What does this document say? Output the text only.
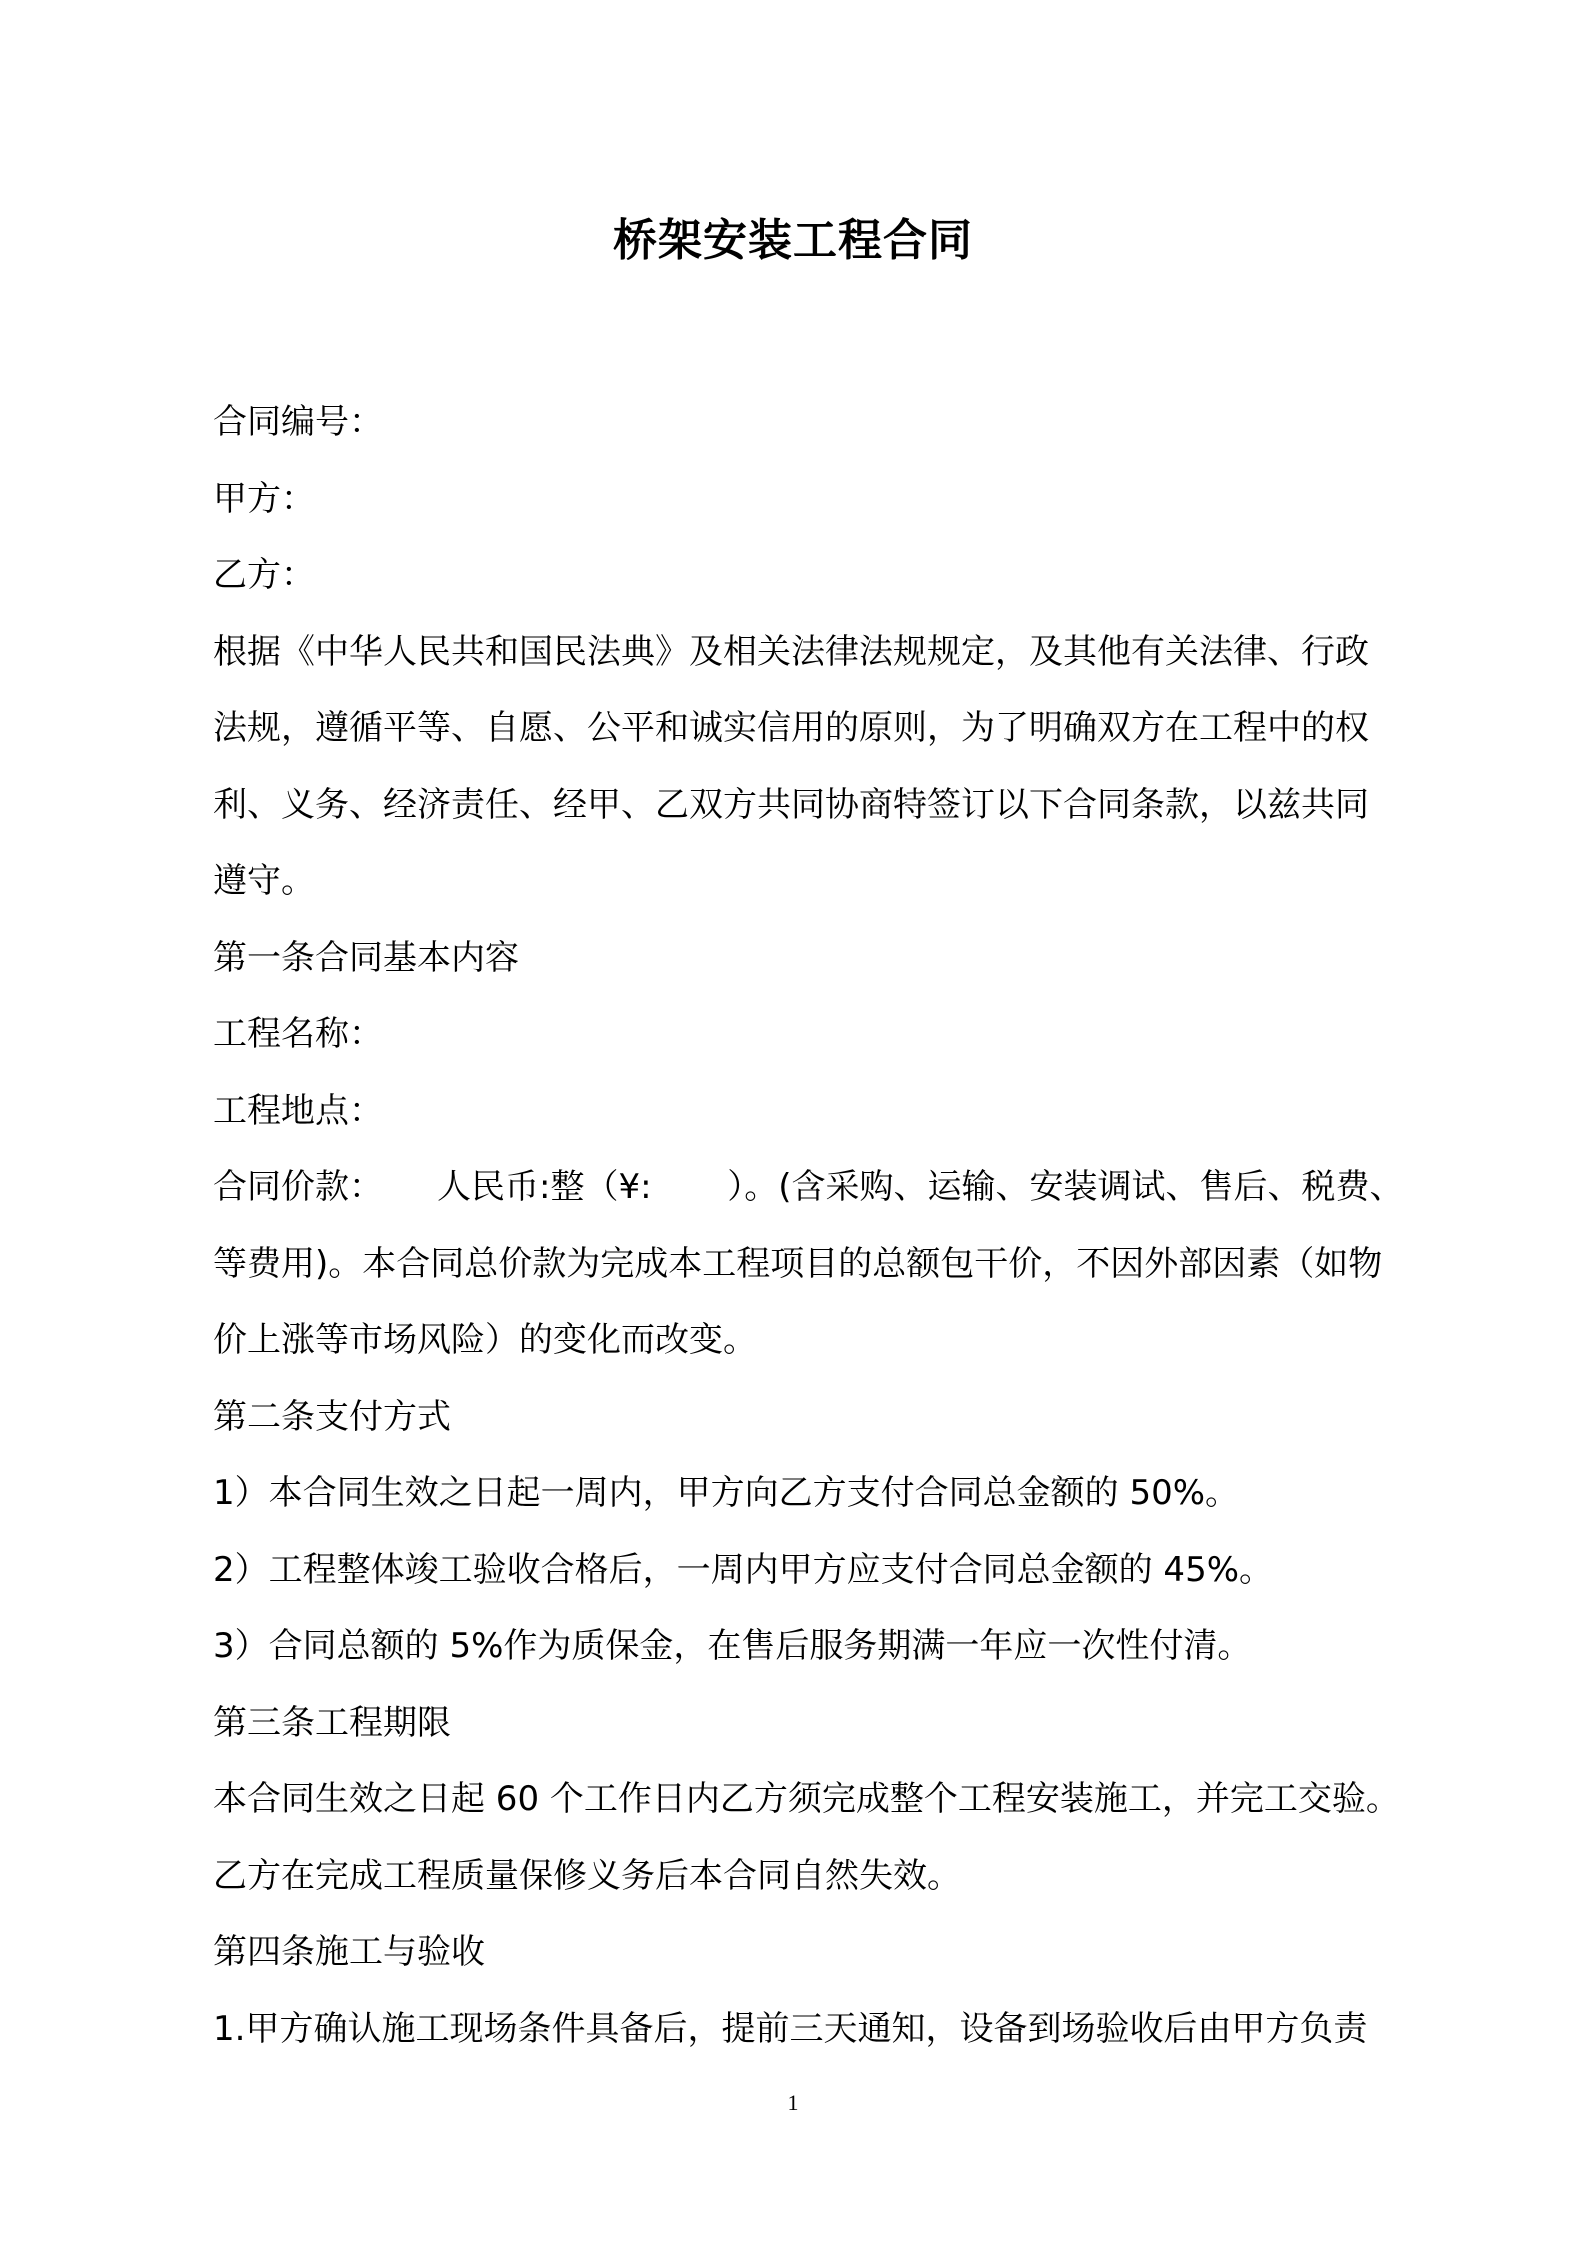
桥架安装工程合同
合同编号：
甲方：
乙方：
根据《中华人民共和国民法典》及相关法律法规规定，及其他有关法律、行政
法规，遵循平等、自愿、公平和诚实信用的原则，为了明确双方在工程中的权
利、义务、经济责任、经甲、乙双方共同协商特签订以下合同条款，以兹共同
遵守。
第一条合同基本内容
工程名称：
工程地点：
合同价款：     人民币:整（¥:       ）。(含采购、运输、安装调试、售后、税费、
等费用)。本合同总价款为完成本工程项目的总额包干价，不因外部因素（如物
价上涨等市场风险）的变化而改变。
第二条支付方式
1）本合同生效之日起一周内，甲方向乙方支付合同总金额的 50%。
2）工程整体竣工验收合格后，一周内甲方应支付合同总金额的 45%。
3）合同总额的 5%作为质保金，在售后服务期满一年应一次性付清。
第三条工程期限
本合同生效之日起 60 个工作日内乙方须完成整个工程安装施工，并完工交验。
乙方在完成工程质量保修义务后本合同自然失效。
第四条施工与验收
1.甲方确认施工现场条件具备后，提前三天通知，设备到场验收后由甲方负责
1
